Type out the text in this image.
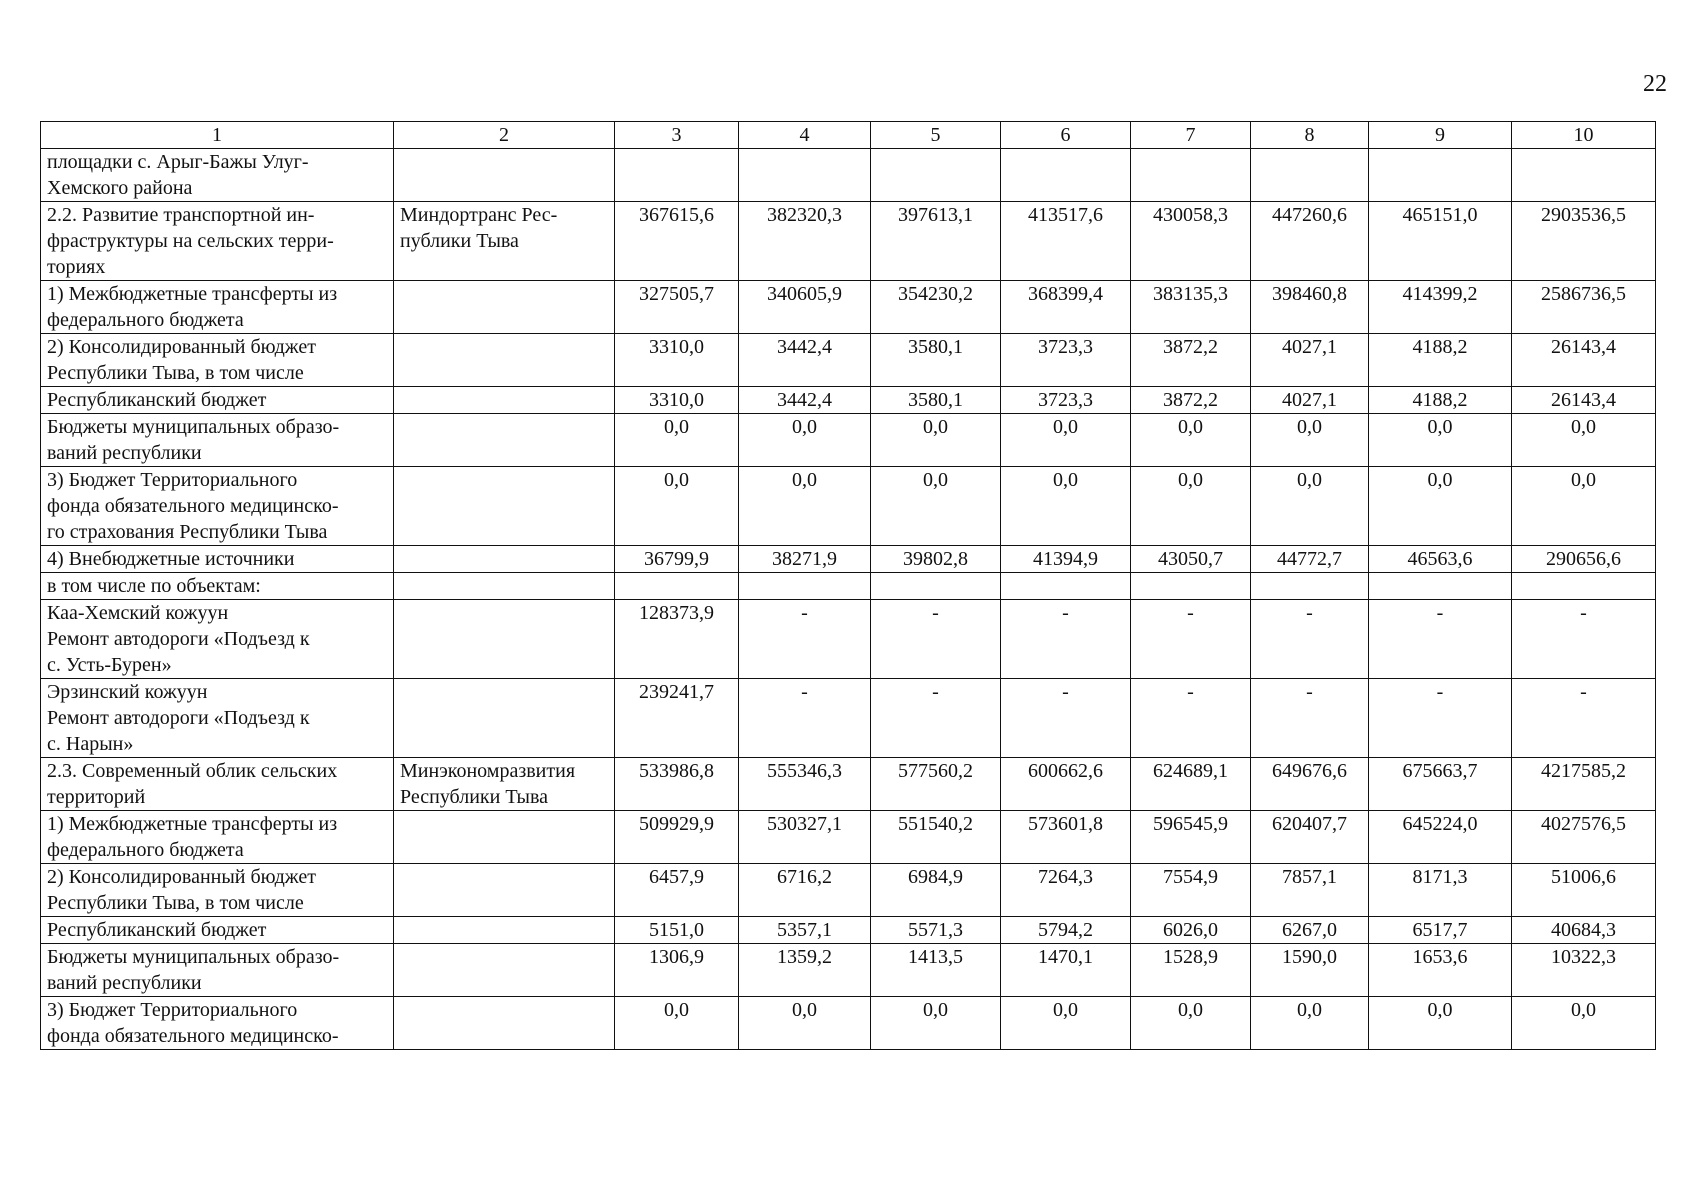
22
1	2	3	4	5	6	7	8	9	10
площадки с. Арыг-Бажы Улуг-
Хемского района									
2.2. Развитие транспортной ин-
фраструктуры на сельских терри-
ториях	Миндортранс Рес-
публики Тыва	367615,6	382320,3	397613,1	413517,6	430058,3	447260,6	465151,0	2903536,5
1) Межбюджетные трансферты из
федерального бюджета		327505,7	340605,9	354230,2	368399,4	383135,3	398460,8	414399,2	2586736,5
2) Консолидированный бюджет
Республики Тыва, в том числе		3310,0	3442,4	3580,1	3723,3	3872,2	4027,1	4188,2	26143,4
Республиканский бюджет		3310,0	3442,4	3580,1	3723,3	3872,2	4027,1	4188,2	26143,4
Бюджеты муниципальных образо-
ваний республики		0,0	0,0	0,0	0,0	0,0	0,0	0,0	0,0
3) Бюджет Территориального
фонда обязательного медицинско-
го страхования Республики Тыва		0,0	0,0	0,0	0,0	0,0	0,0	0,0	0,0
4) Внебюджетные источники		36799,9	38271,9	39802,8	41394,9	43050,7	44772,7	46563,6	290656,6
в том числе по объектам:									
Каа-Хемский кожуун
Ремонт автодороги «Подъезд к
с. Усть-Бурен»		128373,9	-	-	-	-	-	-	-
Эрзинский кожуун
Ремонт автодороги «Подъезд к
с. Нарын»		239241,7	-	-	-	-	-	-	-
2.3. Современный облик сельских
территорий	Минэкономразвития
Республики Тыва	533986,8	555346,3	577560,2	600662,6	624689,1	649676,6	675663,7	4217585,2
1) Межбюджетные трансферты из
федерального бюджета		509929,9	530327,1	551540,2	573601,8	596545,9	620407,7	645224,0	4027576,5
2) Консолидированный бюджет
Республики Тыва, в том числе		6457,9	6716,2	6984,9	7264,3	7554,9	7857,1	8171,3	51006,6
Республиканский бюджет		5151,0	5357,1	5571,3	5794,2	6026,0	6267,0	6517,7	40684,3
Бюджеты муниципальных образо-
ваний республики		1306,9	1359,2	1413,5	1470,1	1528,9	1590,0	1653,6	10322,3
3) Бюджет Территориального
фонда обязательного медицинско-		0,0	0,0	0,0	0,0	0,0	0,0	0,0	0,0
